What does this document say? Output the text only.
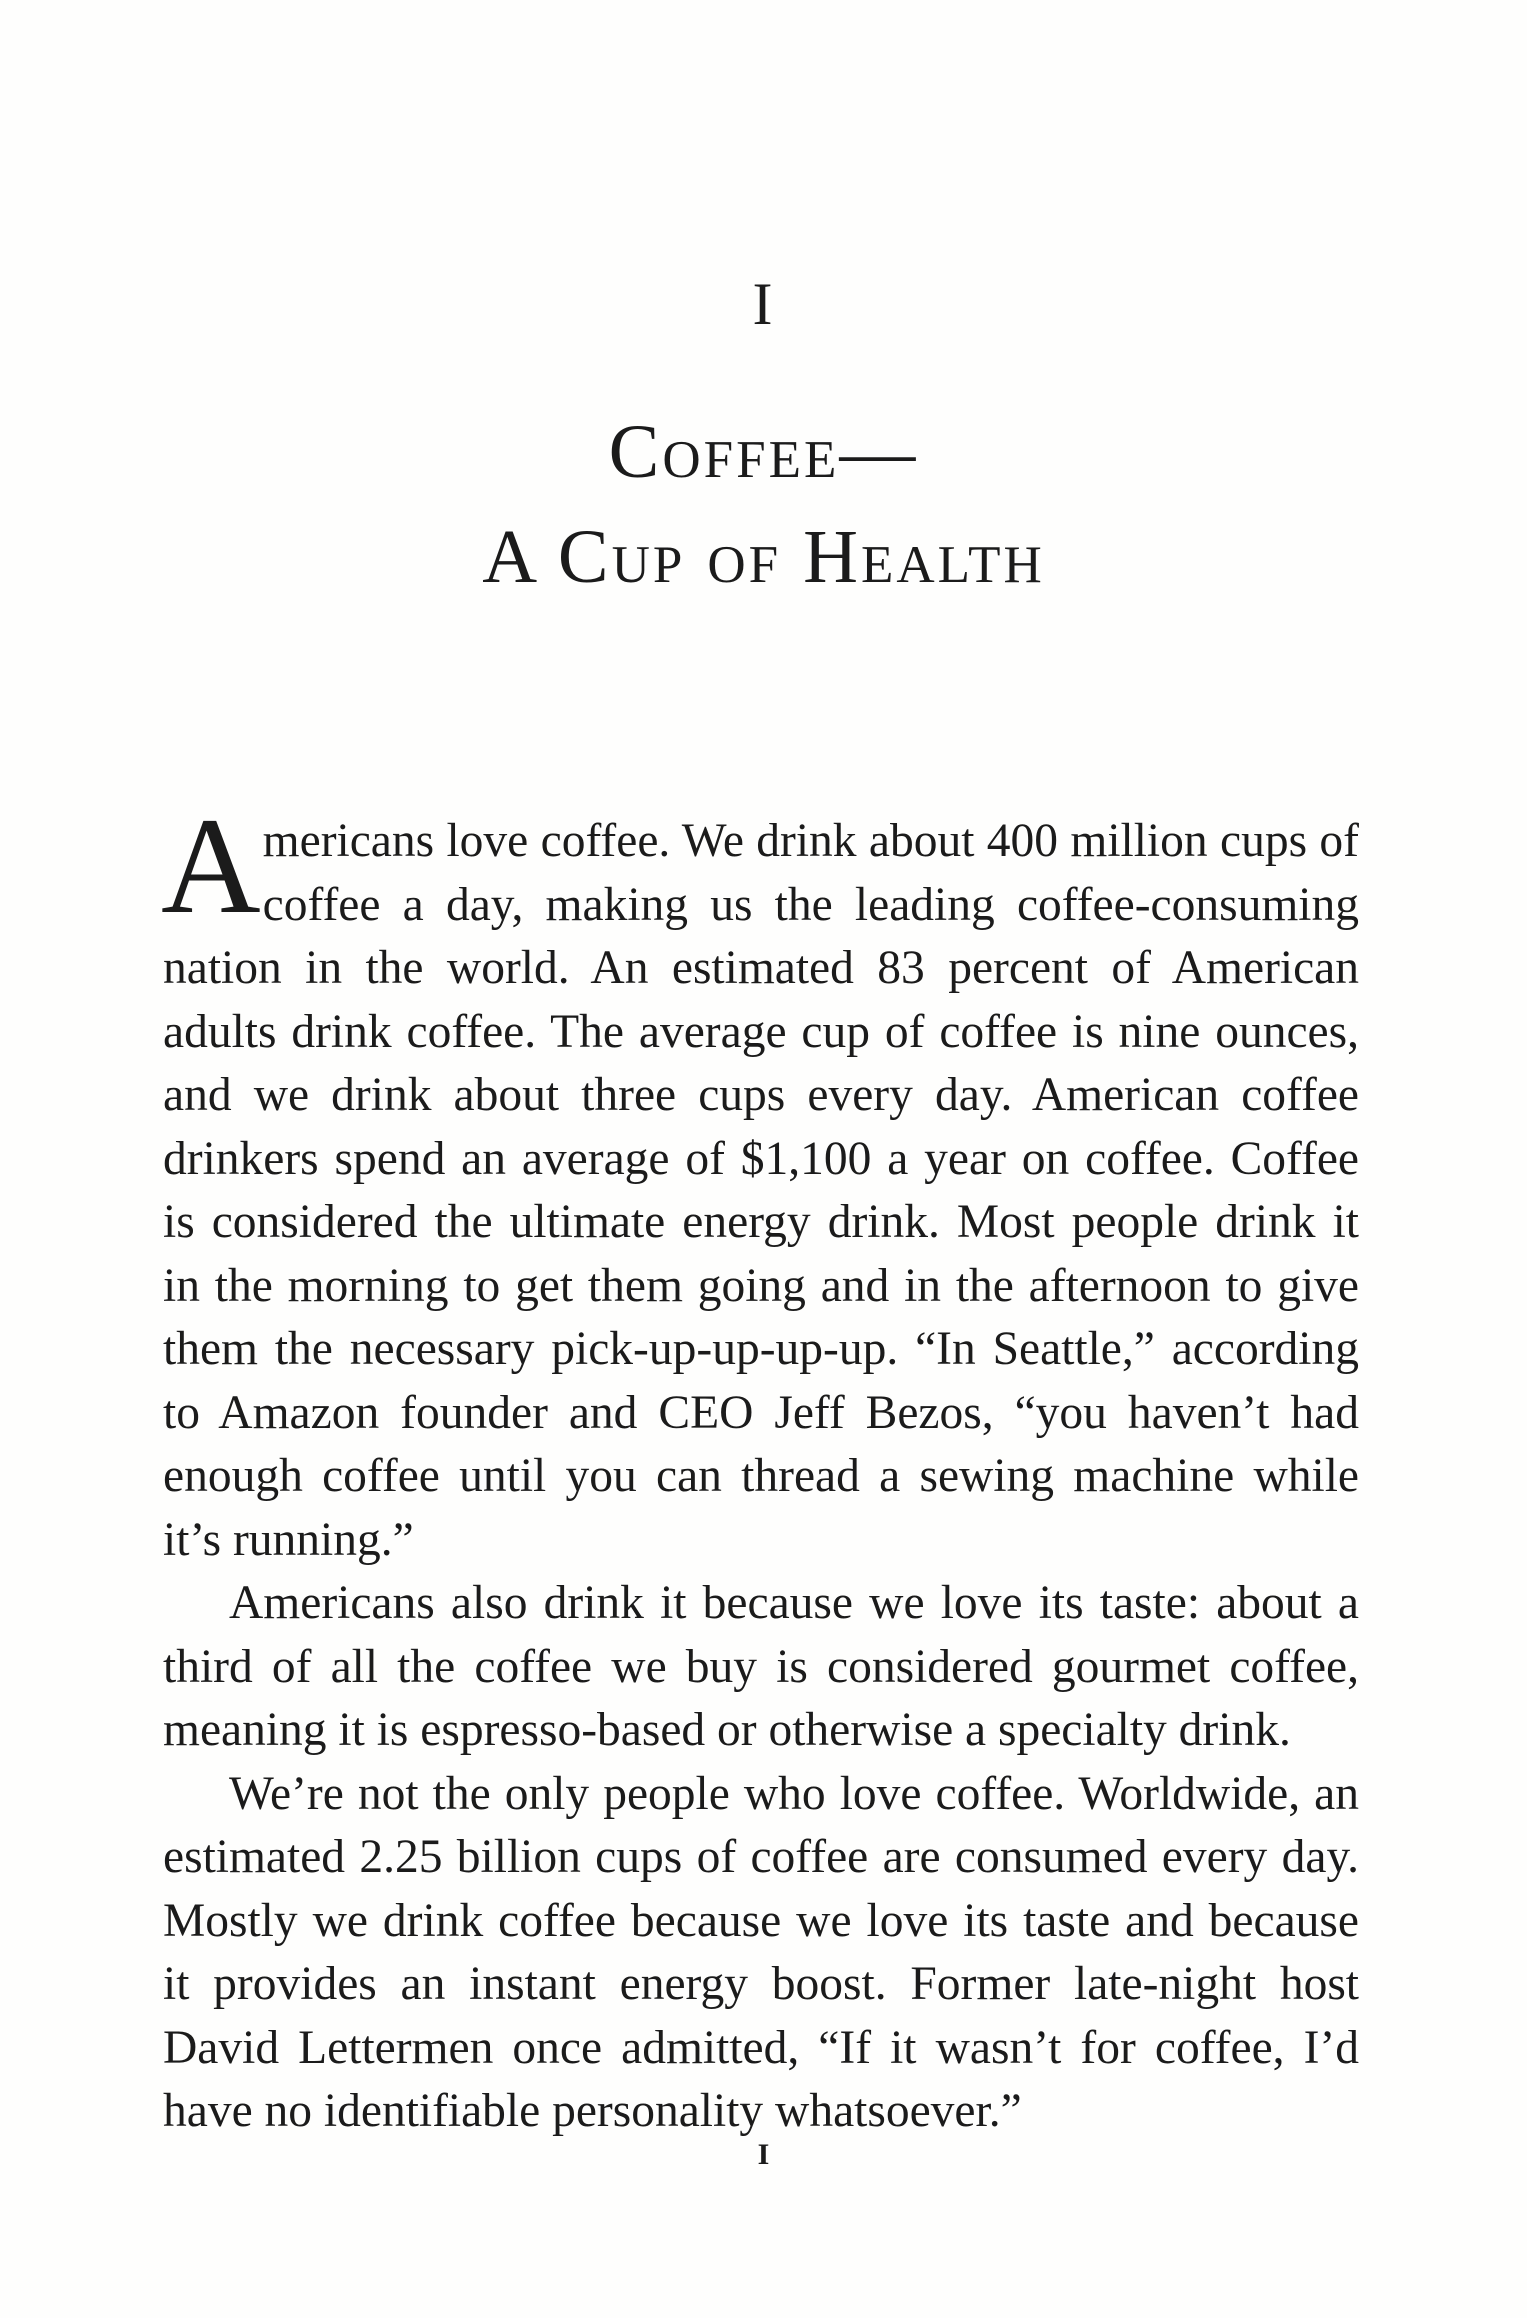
I
Coffee—
A Cup of Health

Americans love coffee. We drink about 400 million cups of coffee a day, making us the leading coffee-consuming nation in the world. An estimated 83 percent of American adults drink coffee. The average cup of coffee is nine ounces, and we drink about three cups every day. American coffee drinkers spend an average of $1,100 a year on coffee. Coffee is considered the ultimate energy drink. Most people drink it in the morning to get them going and in the afternoon to give them the necessary pick-up-up-up-up. “In Seattle,” according to Amazon founder and CEO Jeff Bezos, “you haven’t had enough coffee until you can thread a sewing machine while it’s running.”

Americans also drink it because we love its taste: about a third of all the coffee we buy is considered gourmet coffee, meaning it is espresso-based or otherwise a specialty drink.

We’re not the only people who love coffee. Worldwide, an estimated 2.25 billion cups of coffee are consumed every day. Mostly we drink coffee because we love its taste and because it provides an instant energy boost. Former late-night host David Lettermen once admitted, “If it wasn’t for coffee, I’d have no identifiable personality whatsoever.”

I
